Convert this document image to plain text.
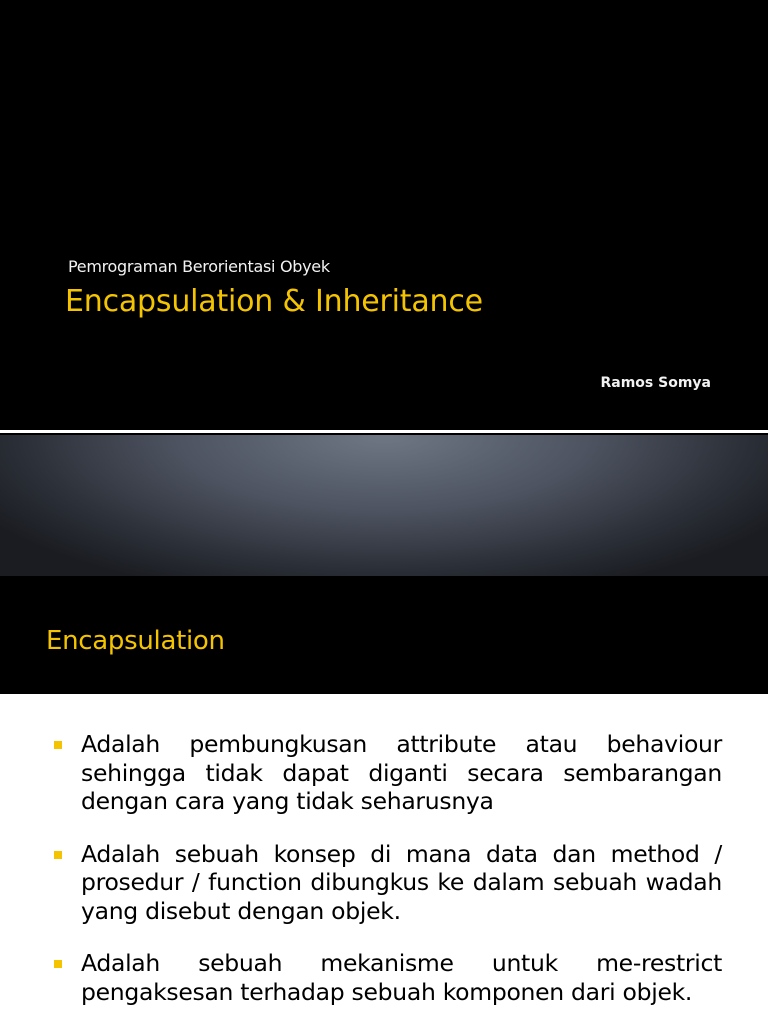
Pemrograman Berorientasi Obyek
Encapsulation & Inheritance
Ramos Somya
Encapsulation
Adalah pembungkusan attribute atau behaviour sehingga tidak dapat diganti secara sembarangan dengan cara yang tidak seharusnya
Adalah sebuah konsep di mana data dan method / prosedur / function dibungkus ke dalam sebuah wadah yang disebut dengan objek.
Adalah sebuah mekanisme untuk me-restrict pengaksesan terhadap sebuah komponen dari objek.
